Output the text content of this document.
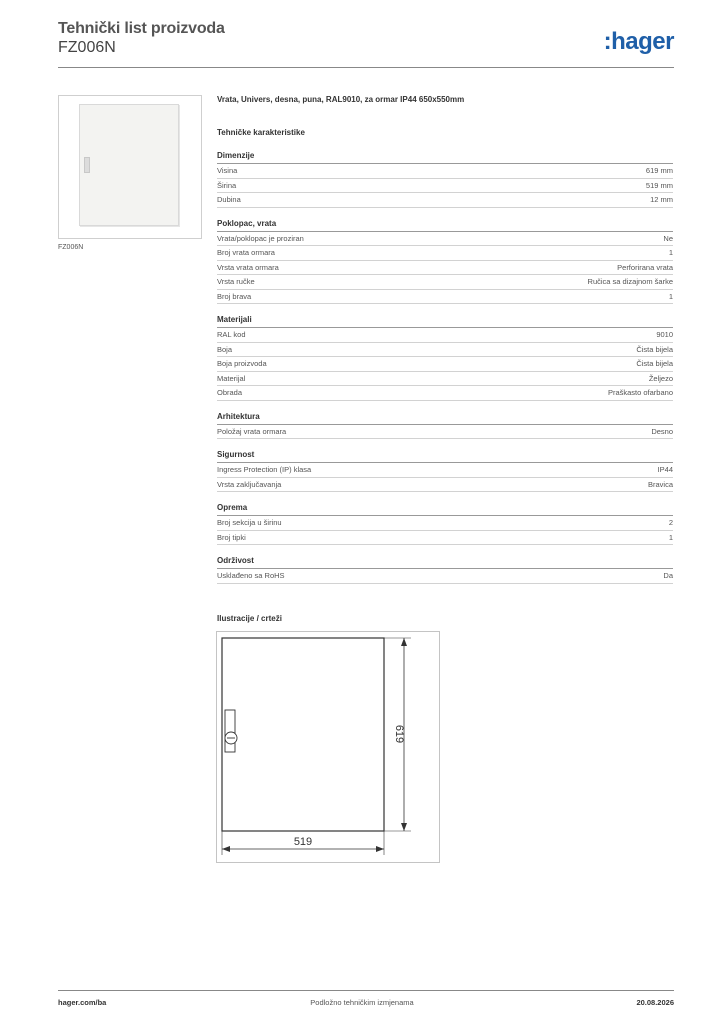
Tehnički list proizvoda
FZ006N	:hager
FZ006N
Vrata, Univers, desna, puna, RAL9010, za ormar IP44 650x550mm
Tehničke karakteristike
Dimenzije
Visina	619 mm
Širina	519 mm
Dubina	12 mm
Poklopac, vrata
Vrata/poklopac je proziran	Ne
Broj vrata ormara	1
Vrsta vrata ormara	Perforirana vrata
Vrsta ručke	Ručica sa dizajnom šarke
Broj brava	1
Materijali
RAL kod	9010
Boja	Čista bijela
Boja proizvoda	Čista bijela
Materijal	Željezo
Obrada	Praškasto ofarbano
Arhitektura
Položaj vrata ormara	Desno
Sigurnost
Ingress Protection (IP) klasa	IP44
Vrsta zaključavanja	Bravica
Oprema
Broj sekcija u širinu	2
Broj tipki	1
Održivost
Usklađeno sa RoHS	Da
Ilustracije / crteži
619
519
hager.com/ba	Podložno tehničkim izmjenama	20.08.2026
